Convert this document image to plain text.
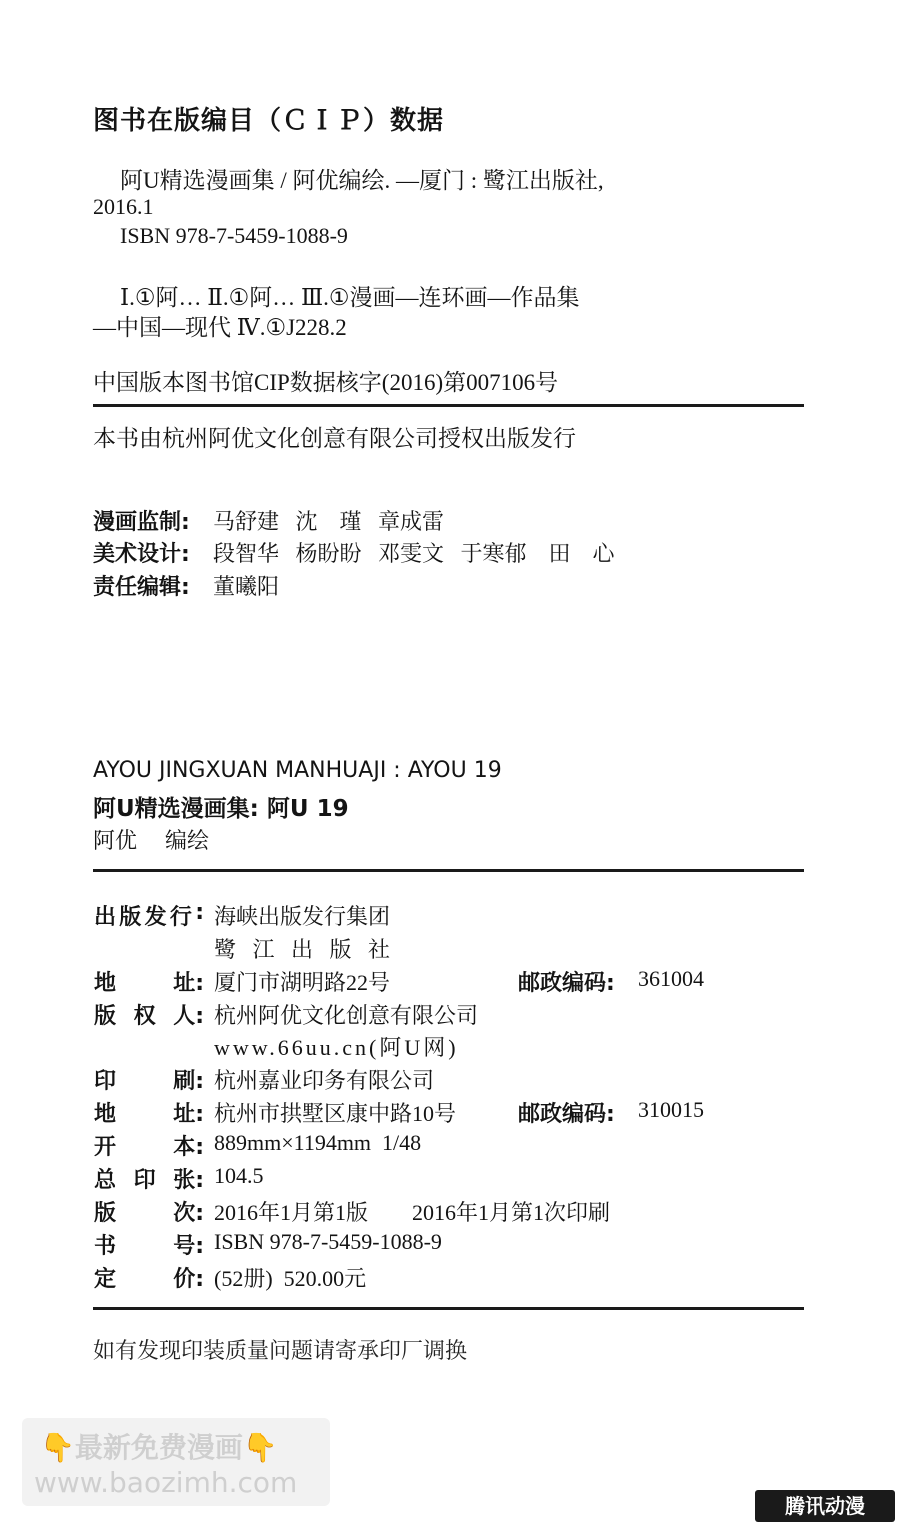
图书在版编目（ＣＩＰ）数据
阿U精选漫画集 / 阿优编绘. —厦门 : 鹭江出版社,
2016.1
ISBN 978-7-5459-1088-9
Ⅰ.①阿… Ⅱ.①阿… Ⅲ.①漫画—连环画—作品集
—中国—现代 Ⅳ.①J228.2
中国版本图书馆CIP数据核字(2016)第007106号
本书由杭州阿优文化创意有限公司授权出版发行
漫画监制: 马舒建   沈    瑾   章成雷
美术设计: 段智华   杨盼盼   邓雯文   于寒郁    田    心
责任编辑: 董曦阳
AYOU JINGXUAN MANHUAJI : AYOU 19
阿U精选漫画集: 阿U 19
阿优    编绘
出 版 发 行 : 海峡出版发行集团
鹭   江   出   版   社
地	址: 厦门市湖明路22号	邮政编码: 361004
版 权 人: 杭州阿优文化创意有限公司
www.66uu.cn(阿U网)
印	刷: 杭州嘉业印务有限公司
地	址: 杭州市拱墅区康中路10号	邮政编码: 310015
开	本: 889mm×1194mm  1/48
总 印 张: 104.5
版	次: 2016年1月第1版        2016年1月第1次印刷
书	号: ISBN 978-7-5459-1088-9
定	价: (52册)  520.00元
如有发现印装质量问题请寄承印厂调换
👇最新免费漫画👇
www.baozimh.com
腾讯动漫
